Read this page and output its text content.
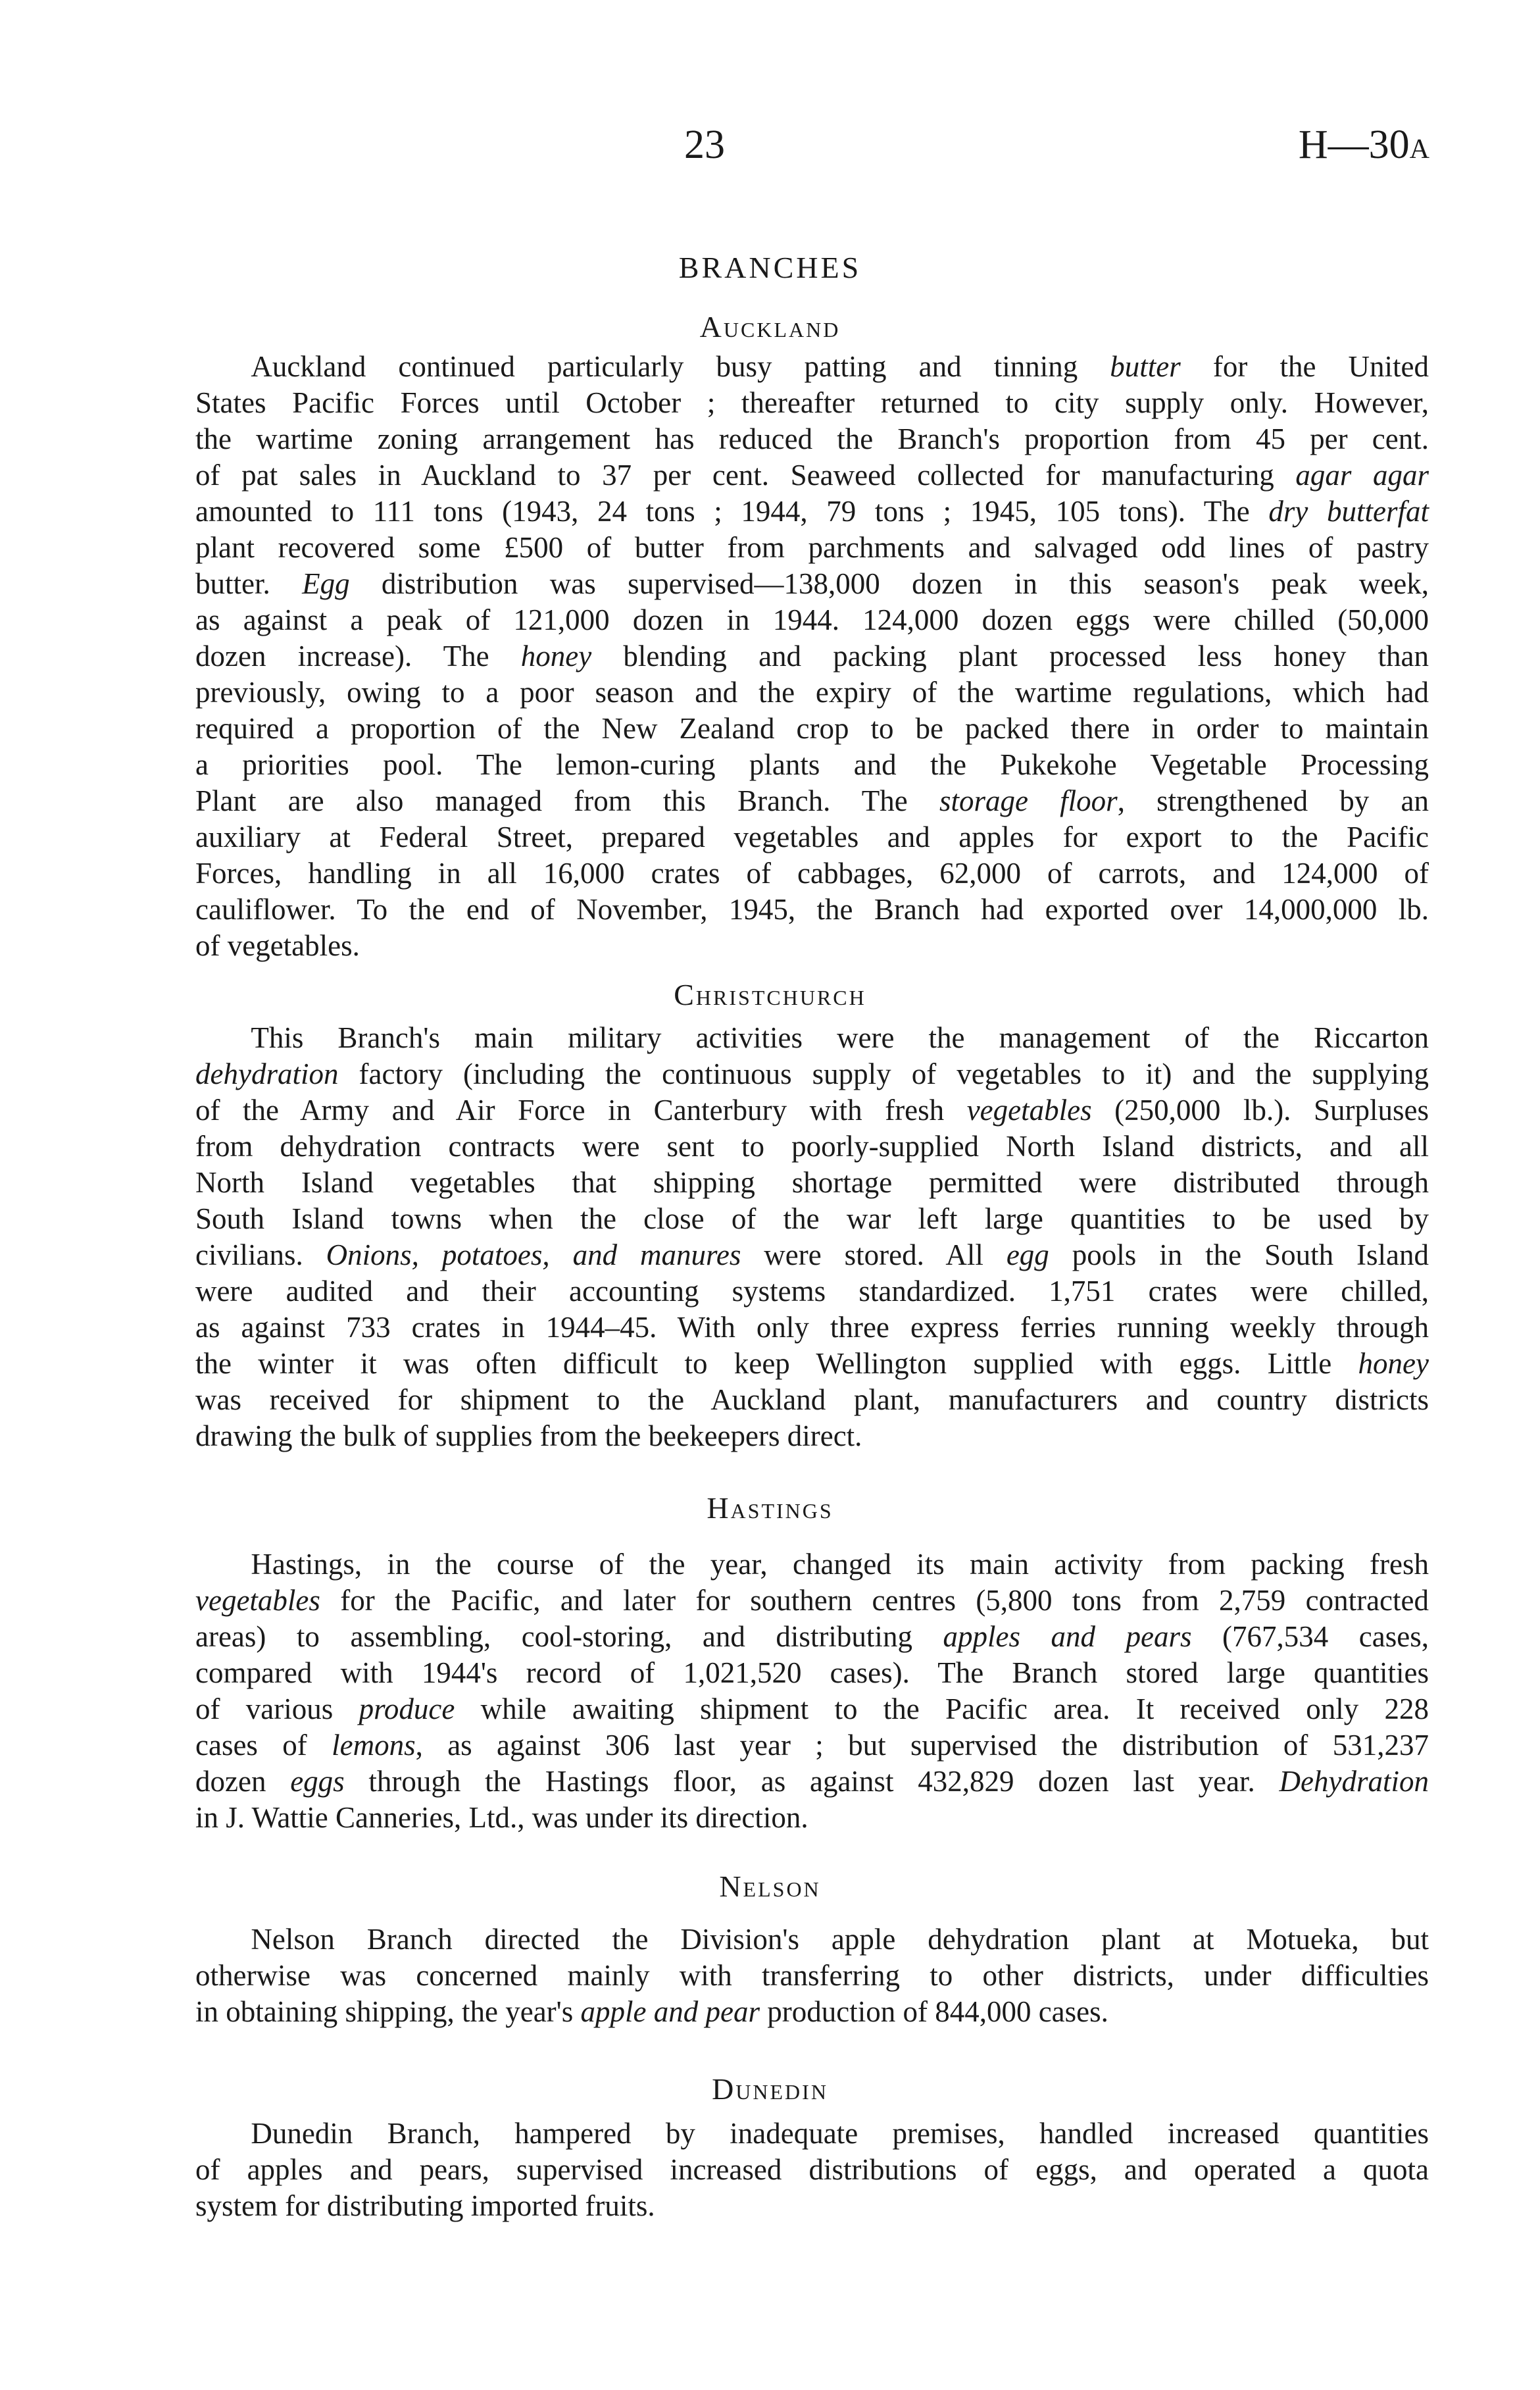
23	H—30A
BRANCHES
Auckland
Auckland continued particularly busy patting and tinning butter for the United
States Pacific Forces until October ; thereafter returned to city supply only. However,
the wartime zoning arrangement has reduced the Branch's proportion from 45 per cent.
of pat sales in Auckland to 37 per cent. Seaweed collected for manufacturing agar agar
amounted to 111 tons (1943, 24 tons ; 1944, 79 tons ; 1945, 105 tons). The dry butterfat
plant recovered some £500 of butter from parchments and salvaged odd lines of pastry
butter. Egg distribution was supervised—138,000 dozen in this season's peak week,
as against a peak of 121,000 dozen in 1944. 124,000 dozen eggs were chilled (50,000
dozen increase). The honey blending and packing plant processed less honey than
previously, owing to a poor season and the expiry of the wartime regulations, which had
required a proportion of the New Zealand crop to be packed there in order to maintain
a priorities pool. The lemon-curing plants and the Pukekohe Vegetable Processing
Plant are also managed from this Branch. The storage floor, strengthened by an
auxiliary at Federal Street, prepared vegetables and apples for export to the Pacific
Forces, handling in all 16,000 crates of cabbages, 62,000 of carrots, and 124,000 of
cauliflower. To the end of November, 1945, the Branch had exported over 14,000,000 lb.
of vegetables.
Christchurch
This Branch's main military activities were the management of the Riccarton
dehydration factory (including the continuous supply of vegetables to it) and the supplying
of the Army and Air Force in Canterbury with fresh vegetables (250,000 lb.). Surpluses
from dehydration contracts were sent to poorly-supplied North Island districts, and all
North Island vegetables that shipping shortage permitted were distributed through
South Island towns when the close of the war left large quantities to be used by
civilians. Onions, potatoes, and manures were stored. All egg pools in the South Island
were audited and their accounting systems standardized. 1,751 crates were chilled,
as against 733 crates in 1944–45. With only three express ferries running weekly through
the winter it was often difficult to keep Wellington supplied with eggs. Little honey
was received for shipment to the Auckland plant, manufacturers and country districts
drawing the bulk of supplies from the beekeepers direct.
Hastings
Hastings, in the course of the year, changed its main activity from packing fresh
vegetables for the Pacific, and later for southern centres (5,800 tons from 2,759 contracted
areas) to assembling, cool-storing, and distributing apples and pears (767,534 cases,
compared with 1944's record of 1,021,520 cases). The Branch stored large quantities
of various produce while awaiting shipment to the Pacific area. It received only 228
cases of lemons, as against 306 last year ; but supervised the distribution of 531,237
dozen eggs through the Hastings floor, as against 432,829 dozen last year. Dehydration
in J. Wattie Canneries, Ltd., was under its direction.
Nelson
Nelson Branch directed the Division's apple dehydration plant at Motueka, but
otherwise was concerned mainly with transferring to other districts, under difficulties
in obtaining shipping, the year's apple and pear production of 844,000 cases.
Dunedin
Dunedin Branch, hampered by inadequate premises, handled increased quantities
of apples and pears, supervised increased distributions of eggs, and operated a quota
system for distributing imported fruits.
